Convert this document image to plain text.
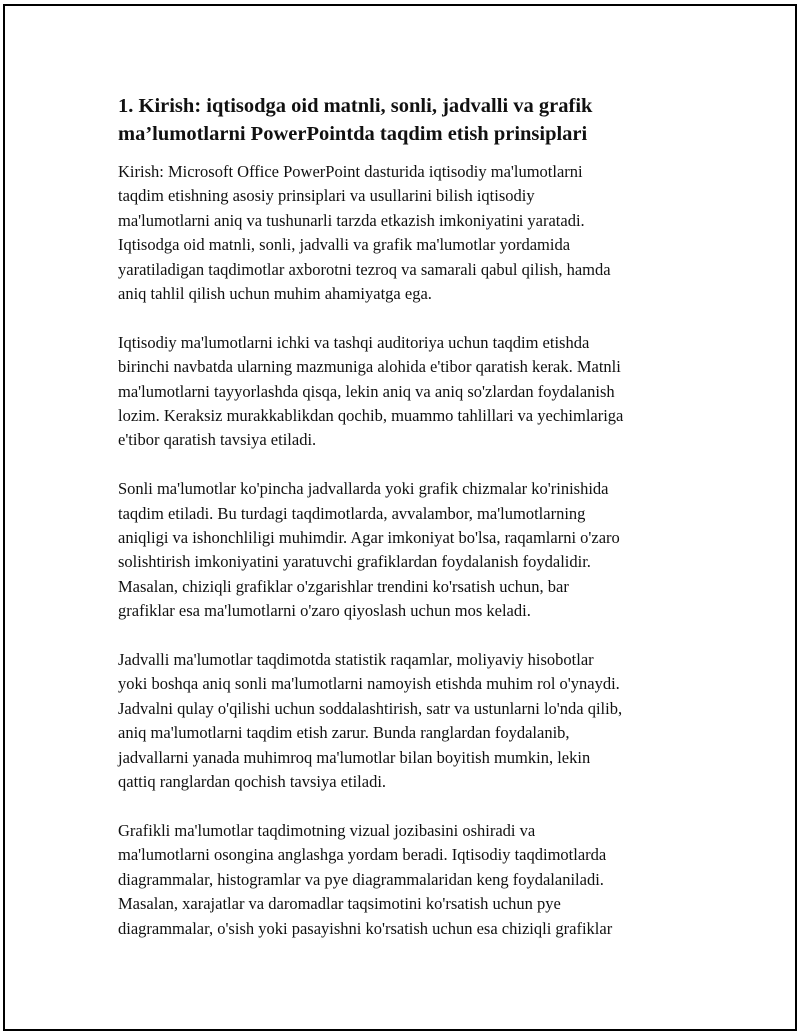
1. Kirish: iqtisodga oid matnli, sonli, jadvalli va grafik
ma’lumotlarni PowerPointda taqdim etish prinsiplari

Kirish: Microsoft Office PowerPoint dasturida iqtisodiy ma'lumotlarni
taqdim etishning asosiy prinsiplari va usullarini bilish iqtisodiy
ma'lumotlarni aniq va tushunarli tarzda etkazish imkoniyatini yaratadi.
Iqtisodga oid matnli, sonli, jadvalli va grafik ma'lumotlar yordamida
yaratiladigan taqdimotlar axborotni tezroq va samarali qabul qilish, hamda
aniq tahlil qilish uchun muhim ahamiyatga ega.

Iqtisodiy ma'lumotlarni ichki va tashqi auditoriya uchun taqdim etishda
birinchi navbatda ularning mazmuniga alohida e'tibor qaratish kerak. Matnli
ma'lumotlarni tayyorlashda qisqa, lekin aniq va aniq so'zlardan foydalanish
lozim. Keraksiz murakkablikdan qochib, muammo tahlillari va yechimlariga
e'tibor qaratish tavsiya etiladi.

Sonli ma'lumotlar ko'pincha jadvallarda yoki grafik chizmalar ko'rinishida
taqdim etiladi. Bu turdagi taqdimotlarda, avvalambor, ma'lumotlarning
aniqligi va ishonchliligi muhimdir. Agar imkoniyat bo'lsa, raqamlarni o'zaro
solishtirish imkoniyatini yaratuvchi grafiklardan foydalanish foydalidir.
Masalan, chiziqli grafiklar o'zgarishlar trendini ko'rsatish uchun, bar
grafiklar esa ma'lumotlarni o'zaro qiyoslash uchun mos keladi.

Jadvalli ma'lumotlar taqdimotda statistik raqamlar, moliyaviy hisobotlar
yoki boshqa aniq sonli ma'lumotlarni namoyish etishda muhim rol o'ynaydi.
Jadvalni qulay o'qilishi uchun soddalashtirish, satr va ustunlarni lo'nda qilib,
aniq ma'lumotlarni taqdim etish zarur. Bunda ranglardan foydalanib,
jadvallarni yanada muhimroq ma'lumotlar bilan boyitish mumkin, lekin
qattiq ranglardan qochish tavsiya etiladi.

Grafikli ma'lumotlar taqdimotning vizual jozibasini oshiradi va
ma'lumotlarni osongina anglashga yordam beradi. Iqtisodiy taqdimotlarda
diagrammalar, histogramlar va pye diagrammalaridan keng foydalaniladi.
Masalan, xarajatlar va daromadlar taqsimotini ko'rsatish uchun pye
diagrammalar, o'sish yoki pasayishni ko'rsatish uchun esa chiziqli grafiklar
